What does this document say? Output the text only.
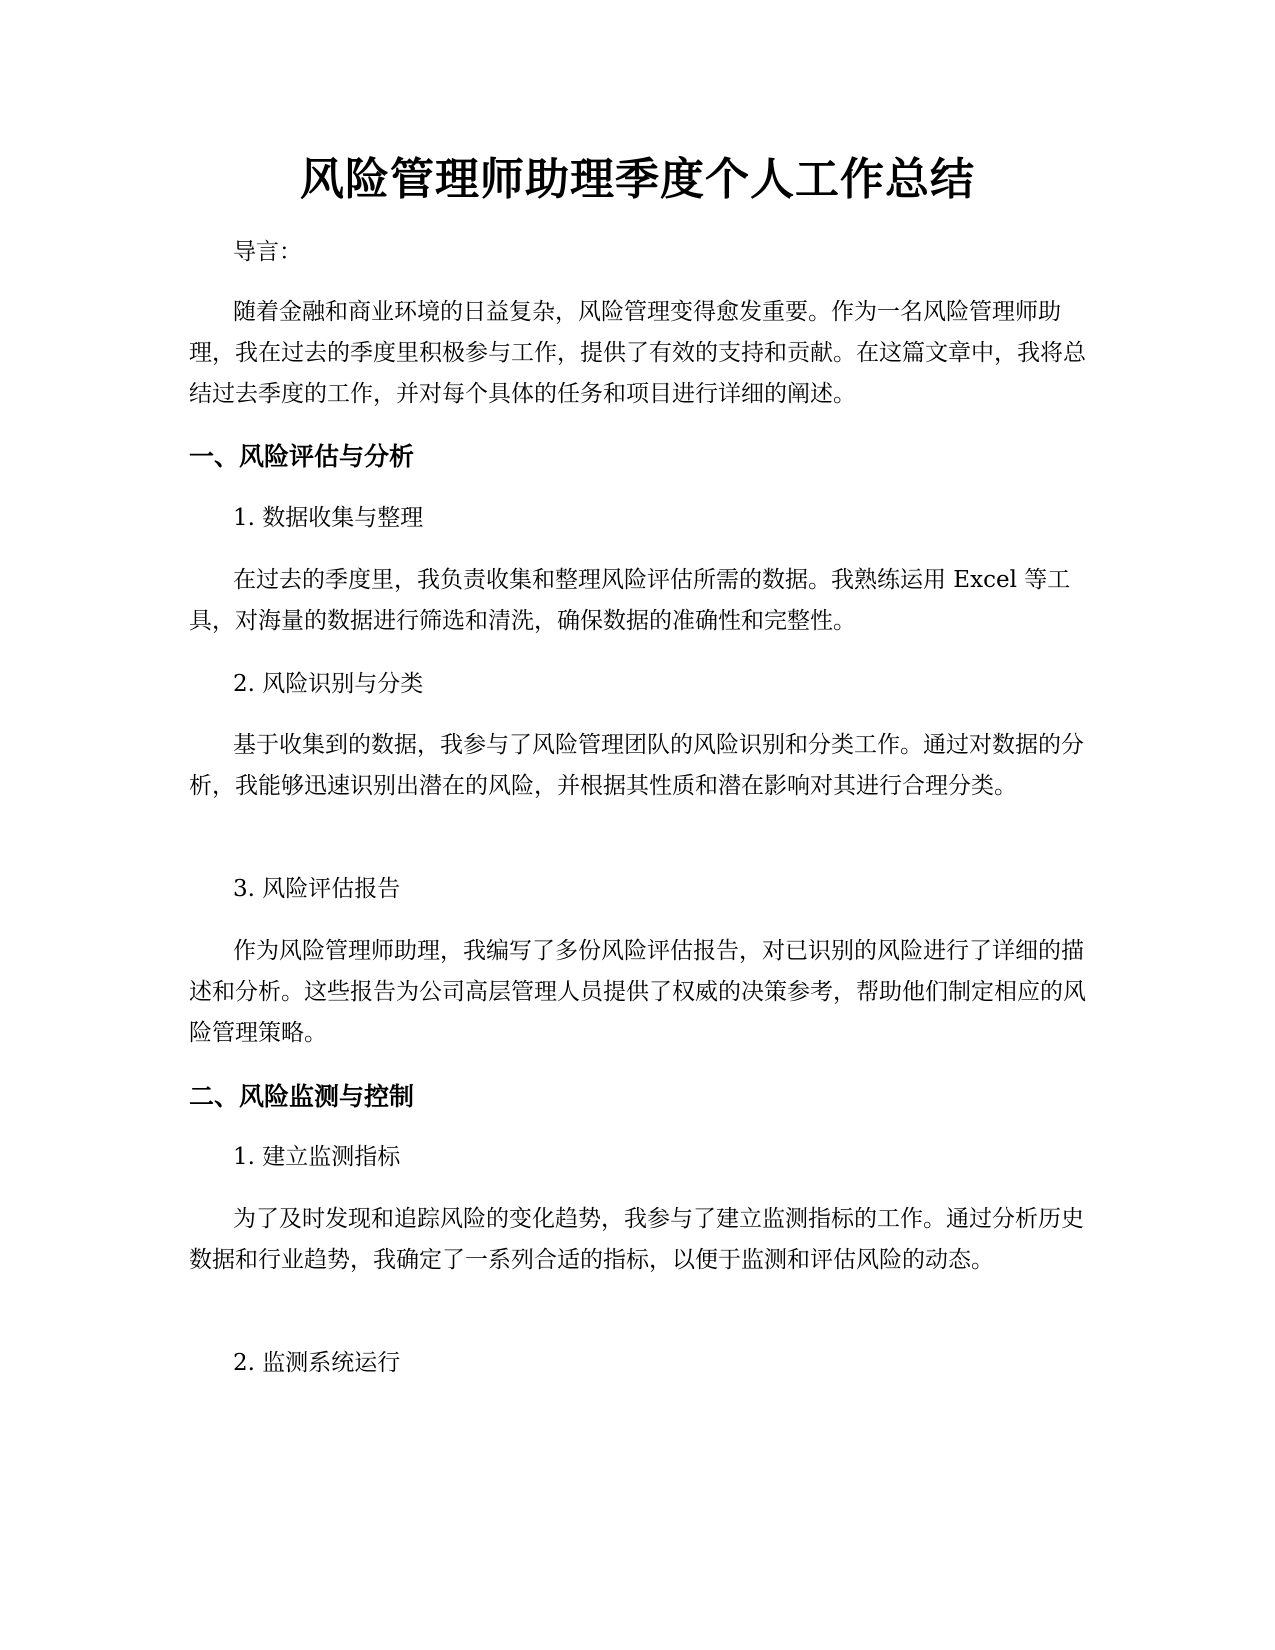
风险管理师助理季度个人工作总结

导言：

随着金融和商业环境的日益复杂，风险管理变得愈发重要。作为一名风险管理师助理，我在过去的季度里积极参与工作，提供了有效的支持和贡献。在这篇文章中，我将总结过去季度的工作，并对每个具体的任务和项目进行详细的阐述。

一、风险评估与分析

1. 数据收集与整理

在过去的季度里，我负责收集和整理风险评估所需的数据。我熟练运用 Excel 等工具，对海量的数据进行筛选和清洗，确保数据的准确性和完整性。

2. 风险识别与分类

基于收集到的数据，我参与了风险管理团队的风险识别和分类工作。通过对数据的分析，我能够迅速识别出潜在的风险，并根据其性质和潜在影响对其进行合理分类。

3. 风险评估报告

作为风险管理师助理，我编写了多份风险评估报告，对已识别的风险进行了详细的描述和分析。这些报告为公司高层管理人员提供了权威的决策参考，帮助他们制定相应的风险管理策略。

二、风险监测与控制

1. 建立监测指标

为了及时发现和追踪风险的变化趋势，我参与了建立监测指标的工作。通过分析历史数据和行业趋势，我确定了一系列合适的指标，以便于监测和评估风险的动态。

2. 监测系统运行
